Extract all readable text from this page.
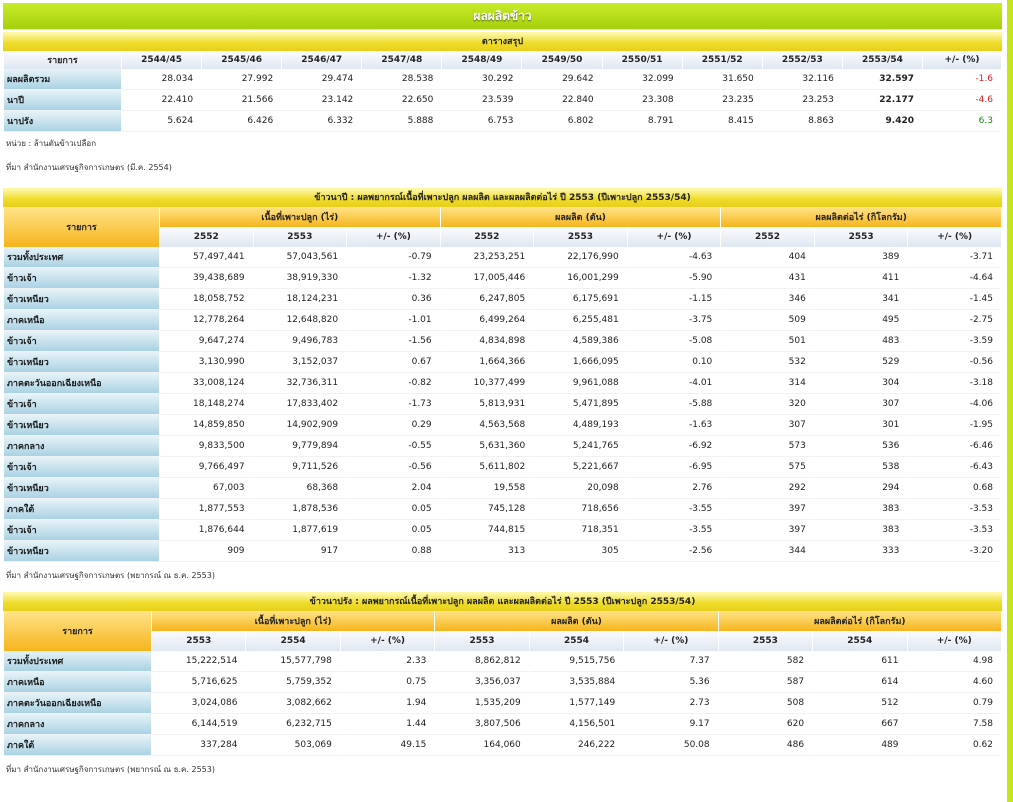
ผลผลิตข้าว
ตารางสรุป
รายการ	2544/45	2545/46	2546/47	2547/48	2548/49	2549/50	2550/51	2551/52	2552/53	2553/54	+/- (%)
ผลผลิตรวม	28.034	27.992	29.474	28.538	30.292	29.642	32.099	31.650	32.116	32.597	-1.6
นาปี	22.410	21.566	23.142	22.650	23.539	22.840	23.308	23.235	23.253	22.177	-4.6
นาปรัง	5.624	6.426	6.332	5.888	6.753	6.802	8.791	8.415	8.863	9.420	6.3
หน่วย : ล้านตันข้าวเปลือก
ที่มา สำนักงานเศรษฐกิจการเกษตร (มี.ค. 2554)
ข้าวนาปี : ผลพยากรณ์เนื้อที่เพาะปลูก ผลผลิต และผลผลิตต่อไร่ ปี 2553 (ปีเพาะปลูก 2553/54)
รายการ	เนื้อที่เพาะปลูก (ไร่)			ผลผลิต (ตัน)			ผลผลิตต่อไร่ (กิโลกรัม)		
	2552	2553	+/- (%)	2552	2553	+/- (%)	2552	2553	+/- (%)
รวมทั้งประเทศ	57,497,441	57,043,561	-0.79	23,253,251	22,176,990	-4.63	404	389	-3.71
ข้าวเจ้า	39,438,689	38,919,330	-1.32	17,005,446	16,001,299	-5.90	431	411	-4.64
ข้าวเหนียว	18,058,752	18,124,231	0.36	6,247,805	6,175,691	-1.15	346	341	-1.45
ภาคเหนือ	12,778,264	12,648,820	-1.01	6,499,264	6,255,481	-3.75	509	495	-2.75
ข้าวเจ้า	9,647,274	9,496,783	-1.56	4,834,898	4,589,386	-5.08	501	483	-3.59
ข้าวเหนียว	3,130,990	3,152,037	0.67	1,664,366	1,666,095	0.10	532	529	-0.56
ภาคตะวันออกเฉียงเหนือ	33,008,124	32,736,311	-0.82	10,377,499	9,961,088	-4.01	314	304	-3.18
ข้าวเจ้า	18,148,274	17,833,402	-1.73	5,813,931	5,471,895	-5.88	320	307	-4.06
ข้าวเหนียว	14,859,850	14,902,909	0.29	4,563,568	4,489,193	-1.63	307	301	-1.95
ภาคกลาง	9,833,500	9,779,894	-0.55	5,631,360	5,241,765	-6.92	573	536	-6.46
ข้าวเจ้า	9,766,497	9,711,526	-0.56	5,611,802	5,221,667	-6.95	575	538	-6.43
ข้าวเหนียว	67,003	68,368	2.04	19,558	20,098	2.76	292	294	0.68
ภาคใต้	1,877,553	1,878,536	0.05	745,128	718,656	-3.55	397	383	-3.53
ข้าวเจ้า	1,876,644	1,877,619	0.05	744,815	718,351	-3.55	397	383	-3.53
ข้าวเหนียว	909	917	0.88	313	305	-2.56	344	333	-3.20
ที่มา สำนักงานเศรษฐกิจการเกษตร (พยากรณ์ ณ ธ.ค. 2553)
ข้าวนาปรัง : ผลพยากรณ์เนื้อที่เพาะปลูก ผลผลิต และผลผลิตต่อไร่ ปี 2553 (ปีเพาะปลูก 2553/54)
รายการ	เนื้อที่เพาะปลูก (ไร่)			ผลผลิต (ตัน)			ผลผลิตต่อไร่ (กิโลกรัม)		
	2553	2554	+/- (%)	2553	2554	+/- (%)	2553	2554	+/- (%)
รวมทั้งประเทศ	15,222,514	15,577,798	2.33	8,862,812	9,515,756	7.37	582	611	4.98
ภาคเหนือ	5,716,625	5,759,352	0.75	3,356,037	3,535,884	5.36	587	614	4.60
ภาคตะวันออกเฉียงเหนือ	3,024,086	3,082,662	1.94	1,535,209	1,577,149	2.73	508	512	0.79
ภาคกลาง	6,144,519	6,232,715	1.44	3,807,506	4,156,501	9.17	620	667	7.58
ภาคใต้	337,284	503,069	49.15	164,060	246,222	50.08	486	489	0.62
ที่มา สำนักงานเศรษฐกิจการเกษตร (พยากรณ์ ณ ธ.ค. 2553)
